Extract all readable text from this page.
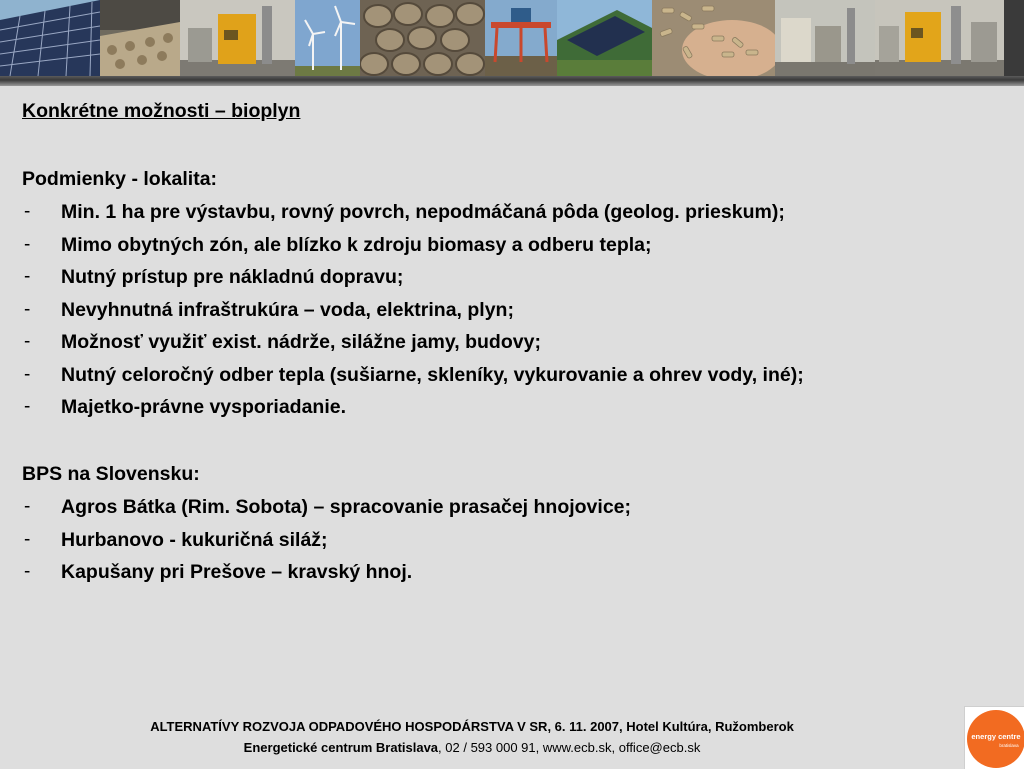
Konkrétne možnosti – bioplyn
Podmienky - lokalita:
- Min. 1 ha pre výstavbu, rovný povrch, nepodmáčaná pôda (geolog. prieskum);
- Mimo obytných zón, ale blízko k zdroju biomasy a odberu tepla;
- Nutný prístup pre nákladnú dopravu;
- Nevyhnutná infraštrukúra – voda, elektrina, plyn;
- Možnosť využiť exist. nádrže, silážne jamy, budovy;
- Nutný celoročný odber tepla (sušiarne, skleníky, vykurovanie a ohrev vody, iné);
- Majetko-právne vysporiadanie.
BPS na Slovensku:
- Agros Bátka (Rim. Sobota) – spracovanie prasačej hnojovice;
- Hurbanovo - kukuričná siláž;
- Kapušany pri Prešove – kravský hnoj.
ALTERNATÍVY ROZVOJA ODPADOVÉHO HOSPODÁRSTVA V SR, 6. 11. 2007, Hotel Kultúra, Ružomberok
Energetické centrum Bratislava, 02 / 593 000 91, www.ecb.sk, office@ecb.sk
energy centre
bratislava
